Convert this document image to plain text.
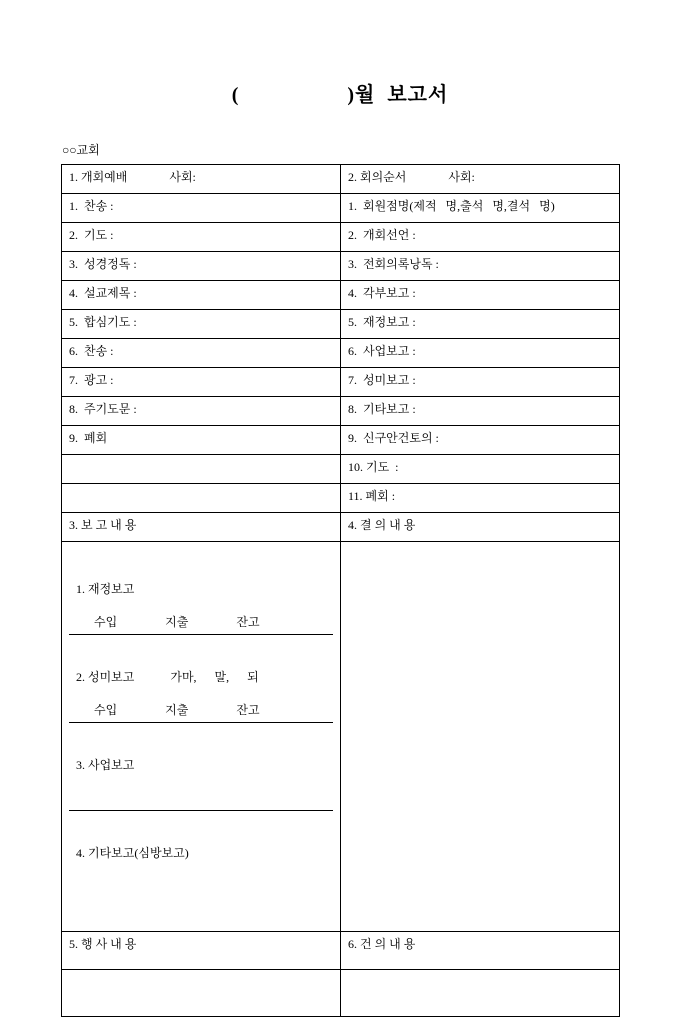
(                  )월  보고서
○○교회
1. 개회예배              사회:	2. 회의순서              사회:
1.  찬송 :	1.  회원점명(제적   명,출석   명,결석   명)
2.  기도 :	2.  개회선언 :
3.  성경정독 :	3.  전회의록낭독 :
4.  설교제목 :	4.  각부보고 :
5.  합심기도 :	5.  재정보고 :
6.  찬송 :	6.  사업보고 :
7.  광고 :	7.  성미보고 :
8.  주기도문 :	8.  기타보고 :
9.  폐회	9.  신구안건토의 :
	10. 기도  :
	11. 폐회 :
3. 보 고 내 용	4. 결 의 내 용

1. 재정보고
수입                지출                잔고

2. 성미보고            가마,      말,      되
수입                지출                잔고

3. 사업보고

4. 기타보고(심방보고)

5. 행 사 내 용	6. 건 의 내 용
